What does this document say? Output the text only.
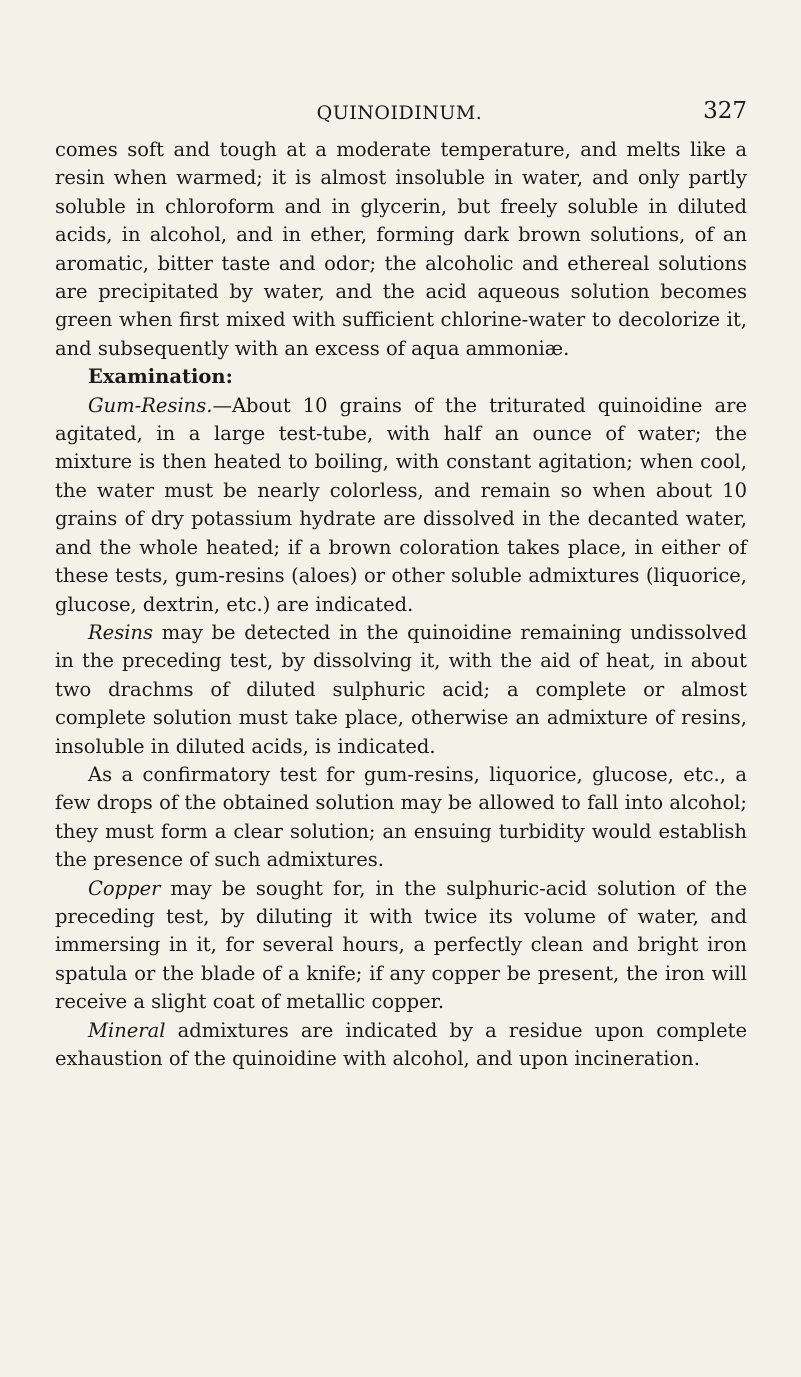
QUINOIDINUM.	327

comes soft and tough at a moderate temperature, and melts like a resin when warmed; it is almost insoluble in water, and only partly soluble in chloroform and in glycerin, but freely soluble in diluted acids, in alcohol, and in ether, forming dark brown solutions, of an aromatic, bitter taste and odor; the alcoholic and ethereal solutions are precipitated by water, and the acid aqueous solution becomes green when first mixed with sufficient chlorine-water to decolorize it, and subsequently with an excess of aqua ammoniæ.

Examination:

Gum-Resins.—About 10 grains of the triturated quinoidine are agitated, in a large test-tube, with half an ounce of water; the mixture is then heated to boiling, with constant agitation; when cool, the water must be nearly colorless, and remain so when about 10 grains of dry potassium hydrate are dissolved in the decanted water, and the whole heated; if a brown coloration takes place, in either of these tests, gum-resins (aloes) or other soluble admixtures (liquorice, glucose, dextrin, etc.) are indicated.

Resins may be detected in the quinoidine remaining undissolved in the preceding test, by dissolving it, with the aid of heat, in about two drachms of diluted sulphuric acid; a complete or almost complete solution must take place, otherwise an admixture of resins, insoluble in diluted acids, is indicated.

As a confirmatory test for gum-resins, liquorice, glucose, etc., a few drops of the obtained solution may be allowed to fall into alcohol; they must form a clear solution; an ensuing turbidity would establish the presence of such admixtures.

Copper may be sought for, in the sulphuric-acid solution of the preceding test, by diluting it with twice its volume of water, and immersing in it, for several hours, a perfectly clean and bright iron spatula or the blade of a knife; if any copper be present, the iron will receive a slight coat of metallic copper.

Mineral admixtures are indicated by a residue upon complete exhaustion of the quinoidine with alcohol, and upon incineration.
